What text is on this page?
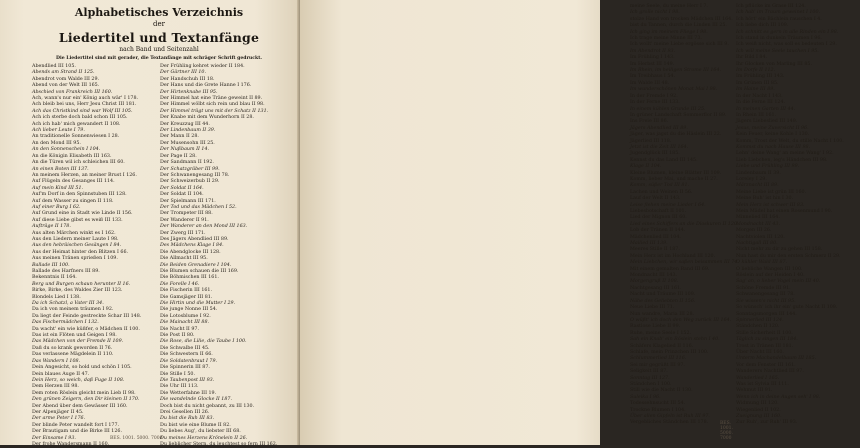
Alphabetisches Verzeichnis
der
Liedertitel und Textanfänge
nach Band und Seitenzahl
Die Liedertitel sind mit gerader, die Textanfänge mit schräger Schrift gedruckt.
Abendlied III 105.
Abends am Strand II 125.
Abendrot vom Walde III 29.
Abend von der Welt III 165.
Abschied von Frankreich III 160.
Ach, wann's nur ein' König auch wär' I 178.
Ach bleib bei uns, Herr Jesu Christ III 181.
Ach das Christkind sind war Wolf III 105.
Ach ich sterbe doch bald schon III 105.
Ach ich hab' mich gewandert II 108.
Ach lieber Leute I 79.
An traditionelle Sonnenwiesen I 28.
An den Mond III 95.
An den Sonnenschein I 104.
An die Königin Elisabeth III 163.
An die Türen wil ich schleichen III 60.
An einen Boten III 137.
An meinem Herzen, an meiner Brust I 126.
Auf Flügeln des Gesanges III 114.
Auf mein Kind III 51.
Auf'm Dorf in den Spinnstuben III 128.
Auf dem Wasser zu singen II 118.
Auf einer Burg I 62.
Auf Grund eine in Stadt wie Linde II 156.
Auf diese Liebe gibst es weiß III 133.
Aufträge II 178.
Aus alten Märchen winkt es I 162.
Aus den Liedern meiner Laute I 98.
Aus den hebräischen Gesängen I 84.
Aus der Heimat hinter den Blitzen I 66.
Aus meinen Tränen sprießen I 109.
Ballade III 100.
Ballade des Harfners III 89.
Bekenntnis II 164.
Berg und Burgen schaun herunter II 16.
Birke, Birke, des Waldes Zier III 123.
Blondels Lied I 138.
Da ich Schatzl, a Vater III 34.
Da ich von meinem träumen I 92.
Da liegt der Feinde gestreckte Schar III 148.
Das Fischermädchen I 132.
Da wacht' ein wie küßfer, o Mädchen II 100.
Das ist ein Flöten und Geigen I 98.
Das Mädchen von der Fremde II 109.
Daß du so krank geworden II 76.
Das verlassene Mägdelein II 110.
Das Wandern I 108.
Dein Angesicht, so hold und schön I 105.
Dein blaues Auge II 47.
Dein Herz, so weich, daß Fuge II 108.
Dem Herzen III 98.
Dem roten Röslein gleicht mein Lieb II 98.
Den grünen Zeigern, den Dir kleinen II 170.
Der Abend über dem Gewässer III 160.
Der Alpenjäger II 45.
Der arme Peter I 176.
Der blinde Peter wandelt fort I 177.
Der Brautigam und die Birke III 126.
Der Einsame I 93.
Der frohe Wandersmann II 160.
Der Frühling kehret wieder II 184.
Der Gärtner III 10.
Der Handschuh III 18.
Der Hans und die Grete Hanne I 176.
Der Hirtenknabe III 95.
Der Himmel hat eine Träne geweint II 89.
Der Himmel wölbt sich rein und blau II 98.
Der Himmel trägt uns mit der Schatz II 131.
Der Knabe mit dem Wunderhorn II 28.
Der Kreuzzug III 44.
Der Lindenbaum II 39.
Der Mann II 28.
Der Musensohn III 25.
Der Nußbaum II 14.
Der Page II 28.
Der Sandmann II 192.
Der Schatzgräber III 99.
Der Schwanengesang III 78.
Der Schweizerbub II 29.
Der Soldat II 164.
Der Soldat II 104.
Der Spielmann III 171.
Der Tod und das Mädchen I 52.
Der Trompeter III 88.
Der Wanderer II 91.
Der Wanderer an den Mond III 163.
Der Zwerg III 171.
Des Jägers Abendlied III 89.
Des Mädchens Klage I 84.
Die Abendglocke III 128.
Die Allmacht III 95.
Die Beiden Grenadiere I 104.
Die Blumen schauen die III 169.
Die Böhmischen III 161.
Die Forelle I 46.
Die Fischerin III 161.
Die Gamsjäger III 81.
Die Hirtin und die Mutter I 29.
Die junge Nonne III 54.
Die Lotosblume I 92.
Die Mainacht III 88.
Die Nacht II 97.
Die Post II 80.
Die Rose, die Lilie, die Taube I 100.
Die Schwalbe III 45.
Die Schwestern II 66.
Die Soldatenbraut I 79.
Die Spinnerin III 87.
Die Stille I 50.
Die Taubenpost III 93.
Die Uhr III 113.
Die Wetterfahne III 19.
Die wandelnde Glocke II 187.
Doch bist du nicht gebannt, zu III 130.
Drei Gesellen III 26.
Du bist die Ruh III 83.
Du bist wie eine Blume II 82.
Du liebes Aug', du liebster III 68.
Du meines Herzens Krönelein II 26.
Du lieblicher Stern, du leuchtest so fern III 162.
BES. 1001. 5000. 7000
meine Seele, du meine Herr I 7.
Ich grolle nicht I 98.
stolze Hand von trocken Mädchen III 164.
bist du Tannen, durch die Linden III 25.
Ich ging im meinem Fliege I 98.
Ich trage meine Minne III 73.
Ich wollt' meine Liebe ergösse sich III 9.
Im Abendrot II 93.
Im Frühling I 143.
Im Herbst III 149.
Im Rhein, im heiligen Strome III 164.
Im Treibhaus I 54.
Im Walde III 48.
Im wunderschönen Monat Mai I 98.
In der Fremde I 92.
In der Ferne III 133.
In einem kühlen Grunde III 25.
In grüner Landschaft Sommerflor II 89.
Ins Freie III 86.
Jägers Abendlied III 89.
Jäger, was jagst du die Häslein III 22.
Jägerlied III 118.
Jetzt ist die Zeit III 164.
Jugendglück III 185.
Kennst du das Land III 145.
Klage II 104.
Kleine Blumen, kleine Blätter III 109.
Komm, lieber Mai, und mache II 27.
Komm, süßer Tod III 81.
Lachen und Weinen II 56.
Lauf der Welt II 143.
Leise flehen meine Lieder I 64.
Liebesbotschaft II 101.
Lied der Mignon III 60.
Lied eines Schiffers an die Dioskuren II 120.
Lob der Tränen II 144.
Mädchenlied III 104.
Mailied III 139.
Meeres Stille II 187.
Mein Herz ist im Hochland III 120.
Mein Liebchen, wir saßen beisammen III 74.
Mit einem gemalten Band III 69.
Mondnacht III 143.
Morgengruß II 108.
Nachtgesang III 161.
Nacht und Träume III 109.
Nähe des Geliebten II 156.
Neue Liebe III 71.
Nun wandre, Maria III 28.
O wüßt' ich doch den Weg zurück III 164.
Rastlose Liebe II 99.
Ruhe, meine Seele I 152.
Sah ein Knab' ein Röslein stehn I 40.
Schäfers Klagelied II 116.
Schlafe, mein Prinzchen III 100.
Schlummerlied III 116.
Sei mir gegrüßt III 97.
Seligkeit III 87.
Sonntag III 127.
Ständchen I 100.
Still wie die Nacht II 130.
Suleika I 96.
Todessehnsucht III 54.
Trockne Blumen I 104.
Über allen Gipfeln ist Ruh III 97.
Vergebliches Ständchen III 178.
Ich pflücke im Grase III 124.
Ich hab' im Traum geweinet I 100.
Ich hört' ein Bächlein rauschen I 4.
Ich liebe dich III 109.
Ich schnitt es gern in alle Rinden ein I 98.
Ich stand in dunkeln Träumen I 96.
Ich weiß nicht, was soll es bedeuten I 29.
Ich will meine Seele tauchen I 95.
Ihr Bild I 84.
Ihr Glocken von Marling III 85.
Im Dorfe II 112.
Im Frühling III 143.
Im Grünen III 85.
Im Haine III 89.
In der Nacht I 143.
In die Ferne III 124.
In meinen Garten III 44.
In Rhein III 161.
Jägers Liebeslied III 149.
Jesus, meine Zuversicht II 96.
Kein Feuer, keine Kohle I 130.
Komm, Trost der Welt, du stille Nacht I 100.
Kommst du nach Hause III 98.
Lehn' deine Wang' an meine Wang' I 92.
Lieb Liebchen, leg's Händchen III 98.
Liebe und Frühling III 99.
Lindenbaum II 39.
Loreley I 29.
Märznacht III 89.
Meine Liebe ist grün III 160.
Meine Ruh' ist hin I 30.
Mein Herz ist schwer III 83.
Mein Mädel hat einen Rosenmund I 90.
Minnelied III 164.
Mondnacht III 43.
Morgen III 26.
Nachtviolen III 120.
Nachtigall III 80.
Nicht mehr zu dir zu gehen III 158.
Nun hast du mir den ersten Schmerz II 29.
O kühler Wald III 87.
O liebliche Wangen III 100.
Röslein auf der Heiden I 40.
Sag' an, o lieber Vogel mein III 40.
Schöne Fremde III 91.
Schwanengesang III 78.
Sie wissen's nicht III 95.
So wünsch' ich ihr ein' gute Nacht II 109.
Sonntagsmorgen III 144.
Spinnerlied III 124.
Ständchen II 120.
Stille Sicherheit II 100.
Täglich zu singen III 184.
Trost in Tränen III 181.
Über Nacht III 160.
Unterm Machandelbaum III 185.
Vor dem Fenster III 161.
Wanderers Nachtlied III 97.
Wanderlied I 165.
Was ist Sylvia III 111.
Wehmut III 91.
Wenn ich in deine Augen seh' I 98.
Widmung III 120.
Wiegenlied II 102.
Zueignung III 160.
Zur Ruh', zur Ruh' III 93.
BES. 1001. 5000. 7000
